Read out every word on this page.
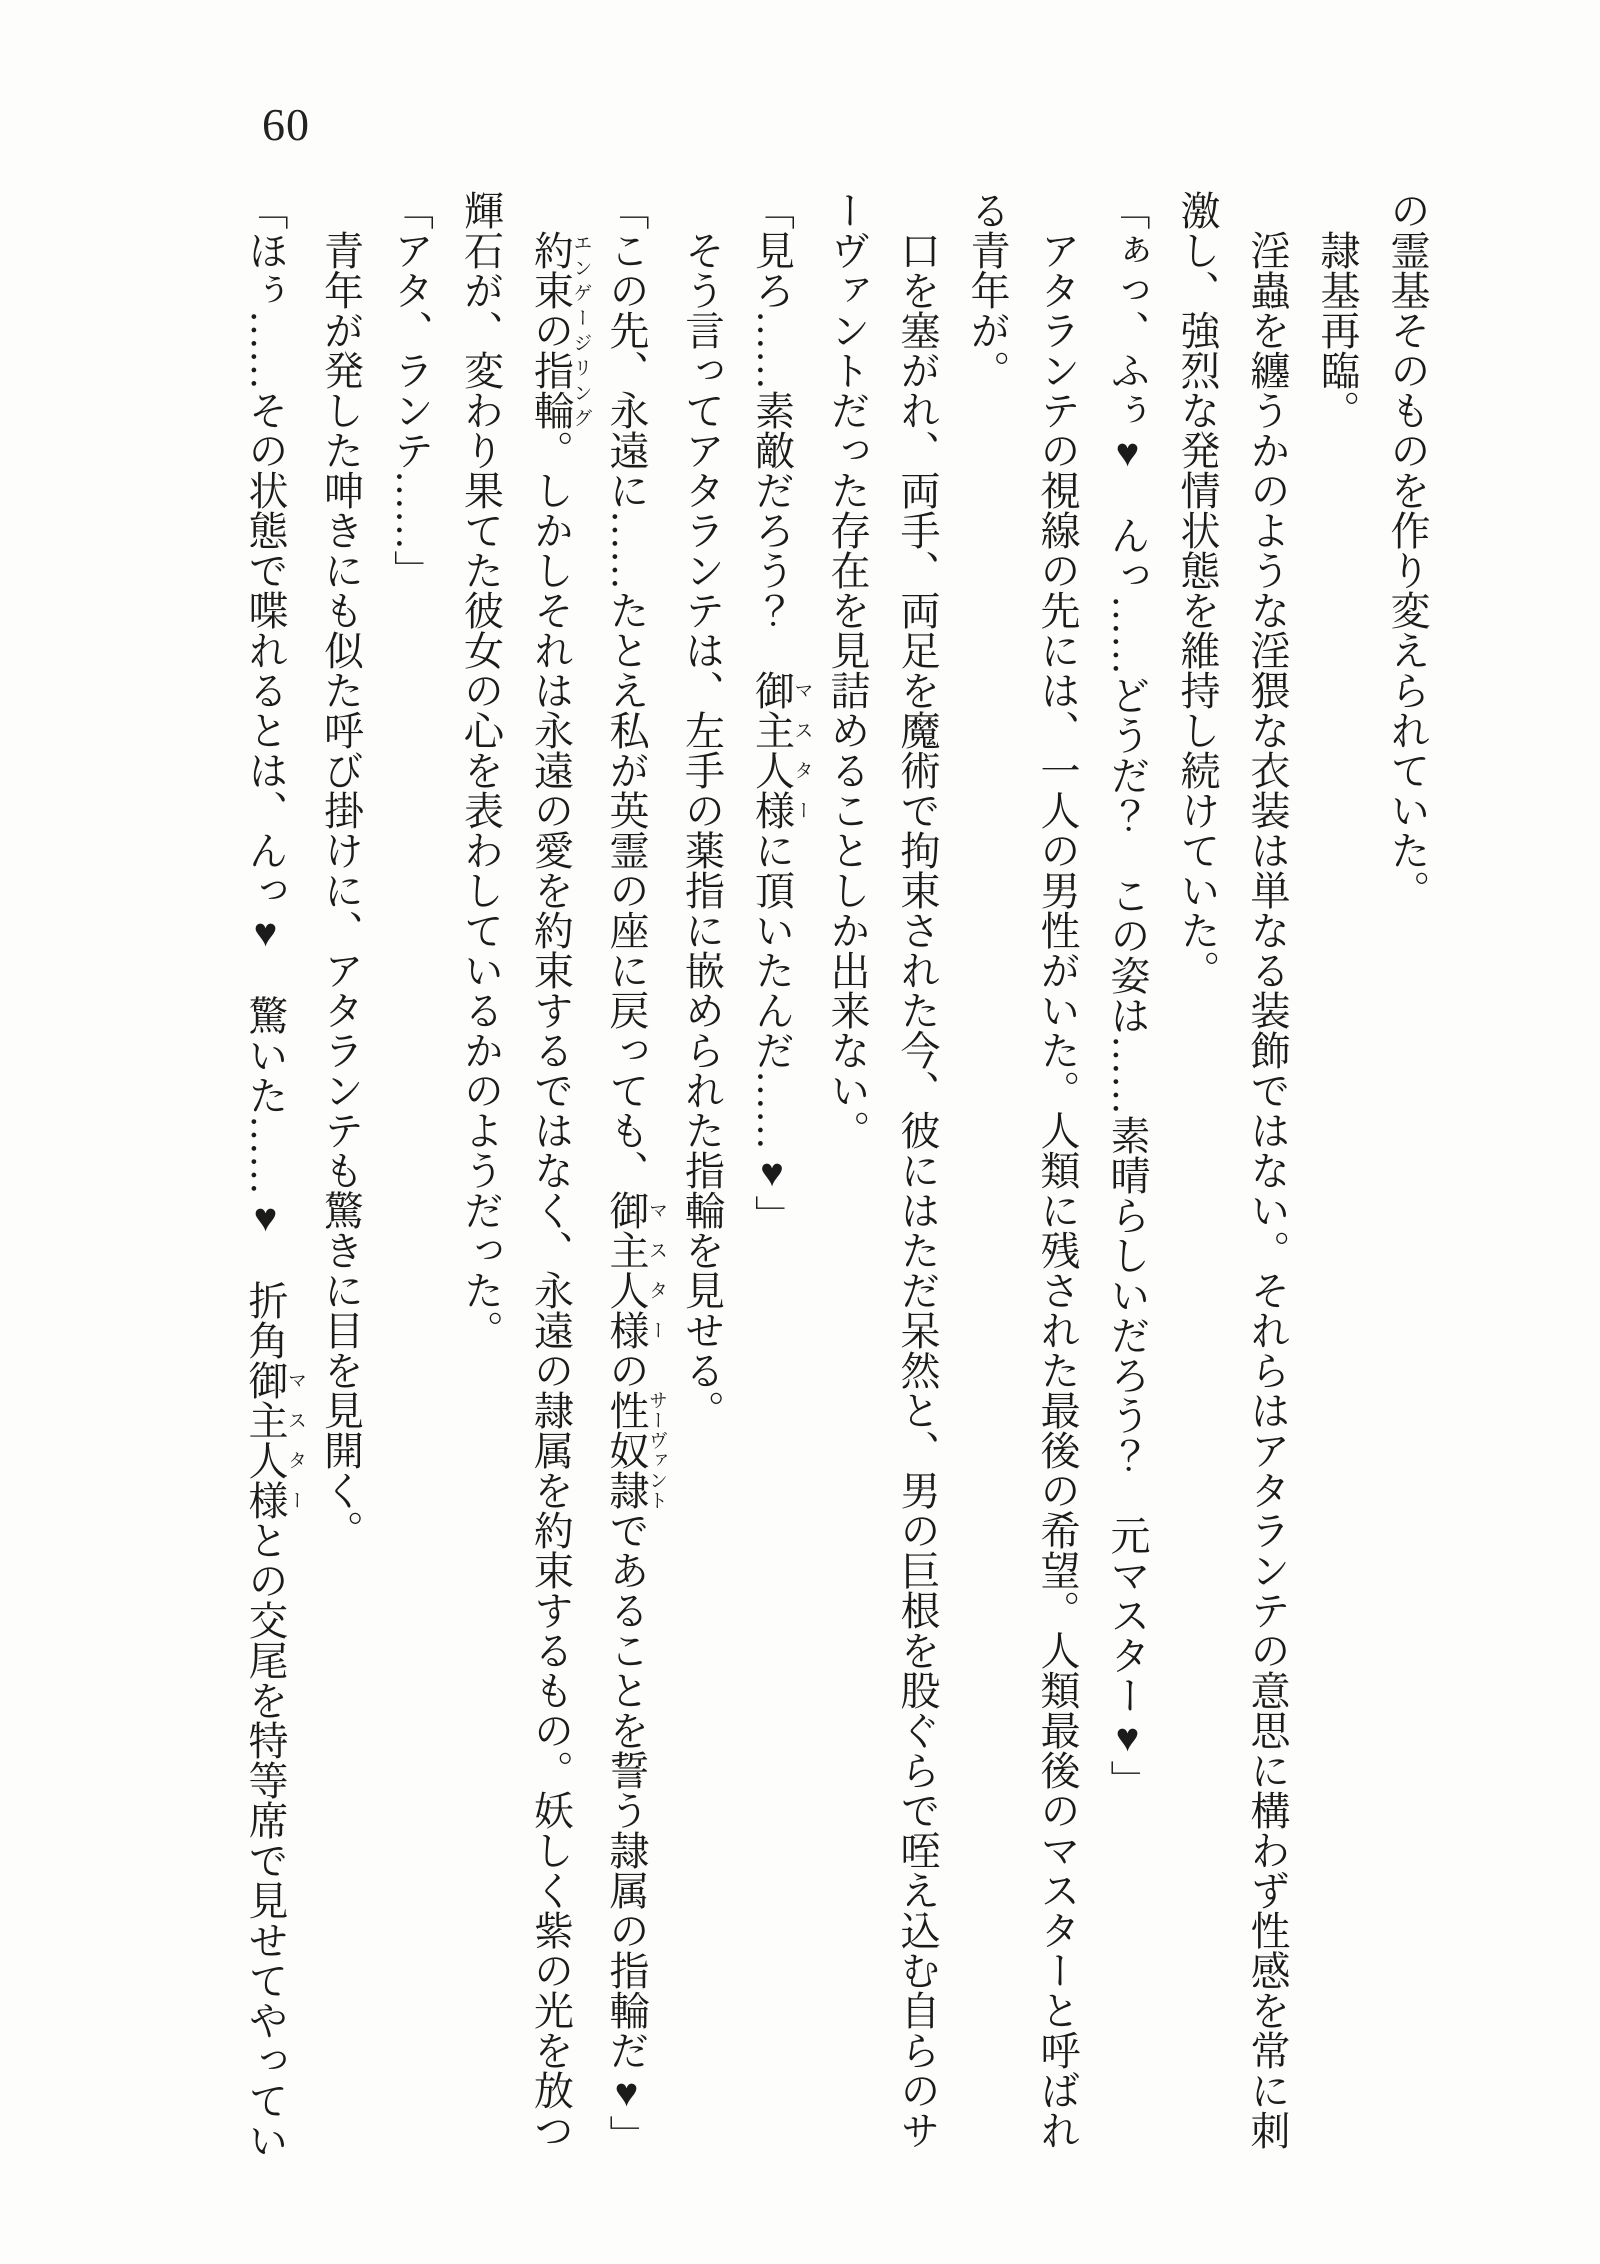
60

の霊基そのものを作り変えられていた。

隷基再臨。

淫蟲を纏うかのような淫猥な衣装は単なる装飾ではない。それらはアタランテの意思に構わず性感を常に刺激し、強烈な発情状態を維持し続けていた。

「ぁっ、ふぅ♥　んっ……どうだ？　この姿は……素晴らしいだろう？　元マスター♥」

アタランテの視線の先には、一人の男性がいた。人類に残された最後の希望。人類最後のマスターと呼ばれる青年が。

口を塞がれ、両手、両足を魔術で拘束された今、彼にはただ呆然と、男の巨根を股ぐらで咥え込む自らのサーヴァントだった存在を見詰めることしか出来ない。

「見ろ……素敵だろう？　御主人様マスターに頂いたんだ……♥」

そう言ってアタランテは、左手の薬指に嵌められた指輪を見せる。

「この先、永遠に……たとえ私が英霊の座に戻っても、御主人様マスターの性奴隷サーヴァントであることを誓う隷属の指輪だ♥」

約束の指輪エンゲージリング。しかしそれは永遠の愛を約束するではなく、永遠の隷属を約束するもの。妖しく紫の光を放つ輝石が、変わり果てた彼女の心を表わしているかのようだった。

「アタ、ランテ……」

青年が発した呻きにも似た呼び掛けに、アタランテも驚きに目を見開く。

「ほぅ……その状態で喋れるとは、んっ♥　驚いた……♥　折角御主人様マスターとの交尾を特等席で見せてやってい
